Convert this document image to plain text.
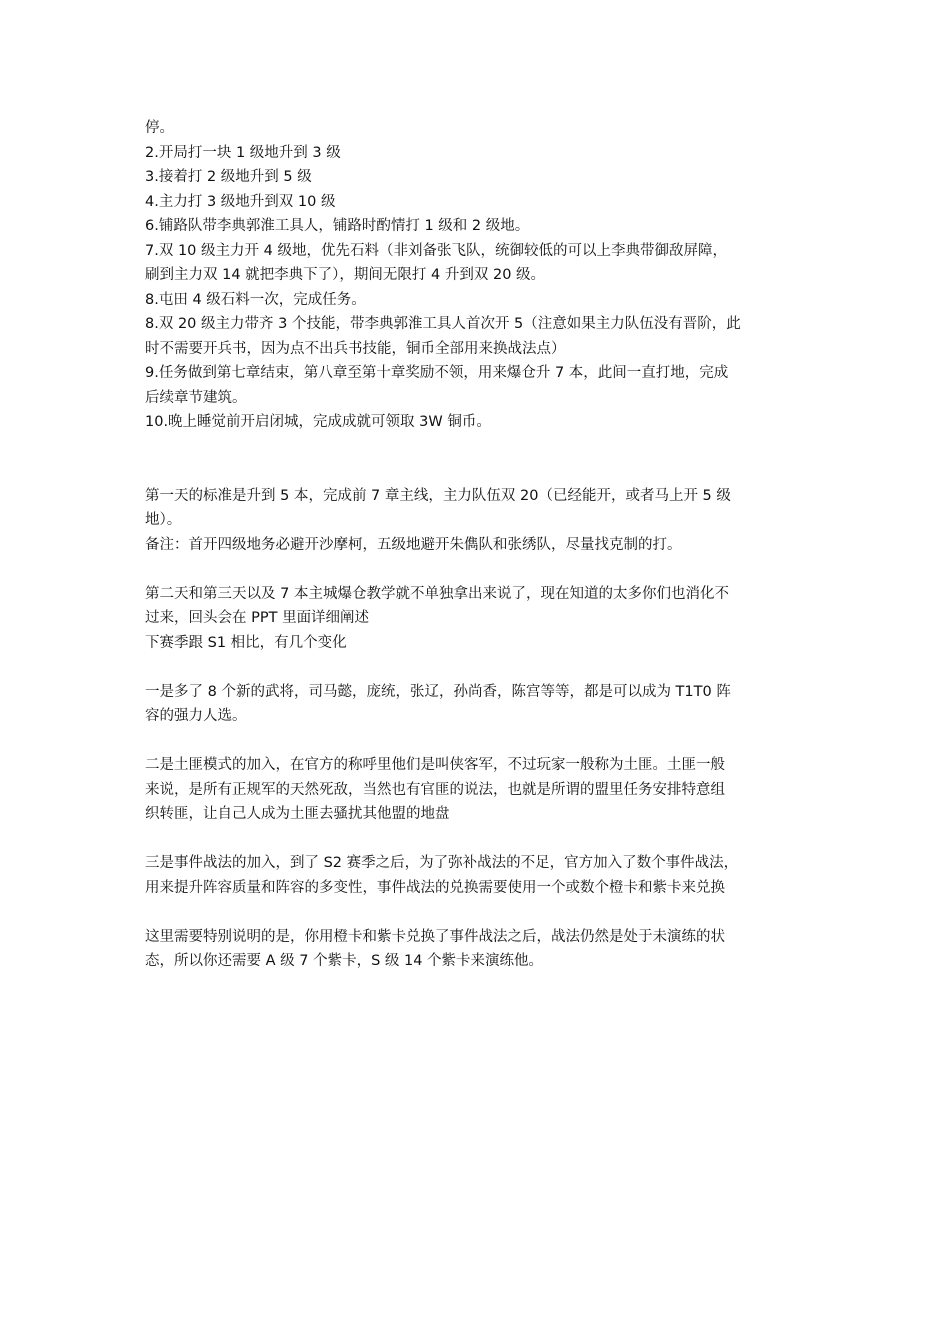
停。
2.开局打一块 1 级地升到 3 级
3.接着打 2 级地升到 5 级
4.主力打 3 级地升到双 10 级
6.铺路队带李典郭淮工具人，铺路时酌情打 1 级和 2 级地。
7.双 10 级主力开 4 级地，优先石料（非刘备张飞队，统御较低的可以上李典带御敌屏障，
刷到主力双 14 就把李典下了），期间无限打 4 升到双 20 级。
8.屯田 4 级石料一次，完成任务。
8.双 20 级主力带齐 3 个技能，带李典郭淮工具人首次开 5（注意如果主力队伍没有晋阶，此
时不需要开兵书，因为点不出兵书技能，铜币全部用来换战法点）
9.任务做到第七章结束，第八章至第十章奖励不领，用来爆仓升 7 本，此间一直打地，完成
后续章节建筑。
10.晚上睡觉前开启闭城，完成成就可领取 3W 铜币。
第一天的标准是升到 5 本，完成前 7 章主线，主力队伍双 20（已经能开，或者马上开 5 级
地）。
备注：首开四级地务必避开沙摩柯，五级地避开朱儁队和张绣队，尽量找克制的打。
第二天和第三天以及 7 本主城爆仓教学就不单独拿出来说了，现在知道的太多你们也消化不
过来，回头会在 PPT 里面详细阐述
下赛季跟 S1 相比，有几个变化
一是多了 8 个新的武将，司马懿，庞统，张辽，孙尚香，陈宫等等，都是可以成为 T1T0 阵
容的强力人选。
二是土匪模式的加入，在官方的称呼里他们是叫侠客军，不过玩家一般称为土匪。土匪一般
来说，是所有正规军的天然死敌，当然也有官匪的说法，也就是所谓的盟里任务安排特意组
织转匪，让自己人成为土匪去骚扰其他盟的地盘
三是事件战法的加入，到了 S2 赛季之后，为了弥补战法的不足，官方加入了数个事件战法，
用来提升阵容质量和阵容的多变性，事件战法的兑换需要使用一个或数个橙卡和紫卡来兑换
这里需要特别说明的是，你用橙卡和紫卡兑换了事件战法之后，战法仍然是处于未演练的状
态，所以你还需要 A 级 7 个紫卡，S 级 14 个紫卡来演练他。
